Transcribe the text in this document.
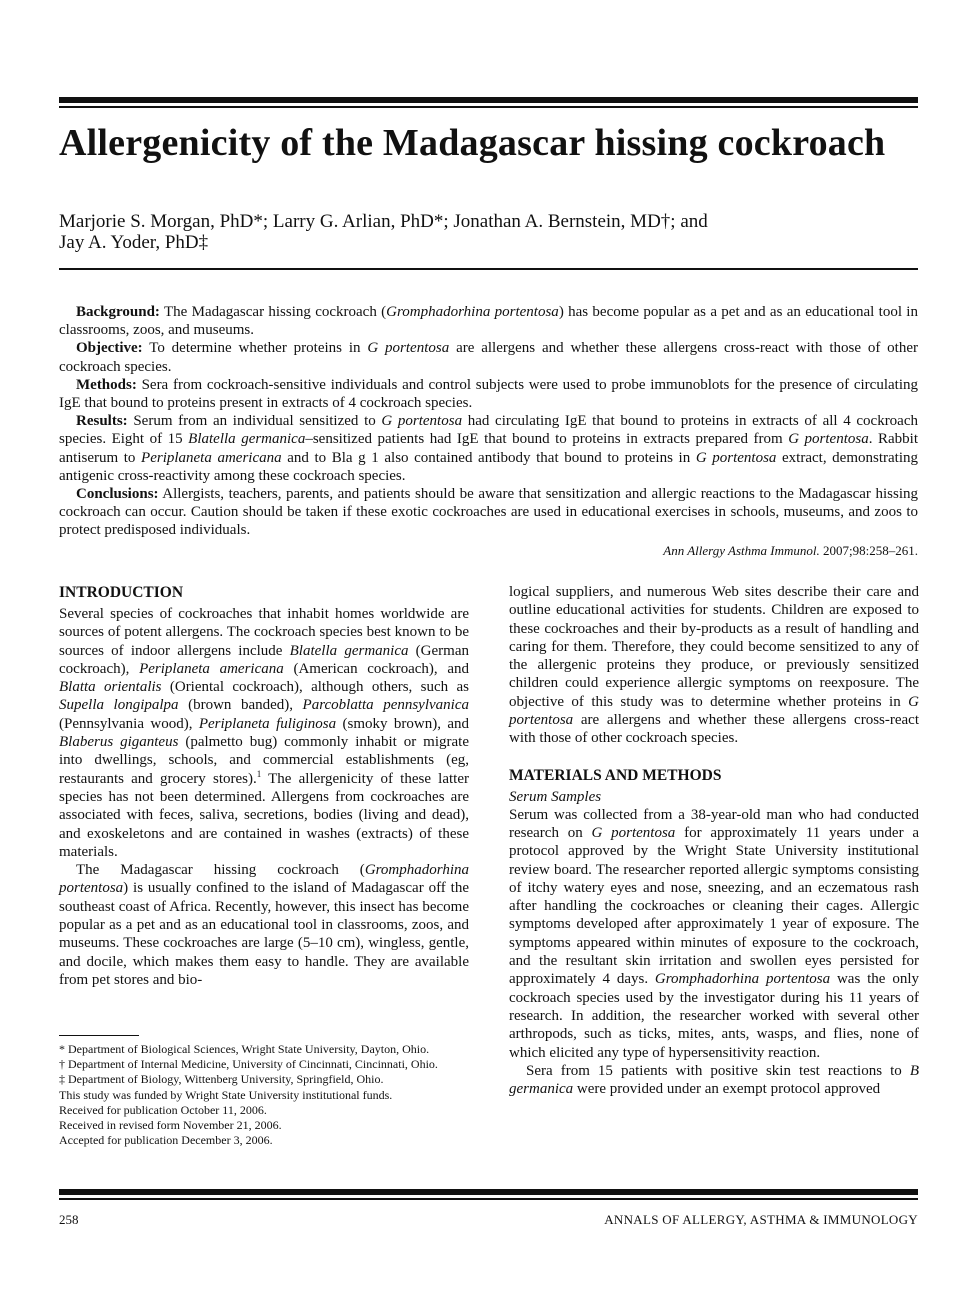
Allergenicity of the Madagascar hissing cockroach
Marjorie S. Morgan, PhD*; Larry G. Arlian, PhD*; Jonathan A. Bernstein, MD†; and
Jay A. Yoder, PhD‡

Background: The Madagascar hissing cockroach (Gromphadorhina portentosa) has become popular as a pet and as an educational tool in classrooms, zoos, and museums.

Objective: To determine whether proteins in G portentosa are allergens and whether these allergens cross-react with those of other cockroach species.

Methods: Sera from cockroach-sensitive individuals and control subjects were used to probe immunoblots for the presence of circulating IgE that bound to proteins present in extracts of 4 cockroach species.

Results: Serum from an individual sensitized to G portentosa had circulating IgE that bound to proteins in extracts of all 4 cockroach species. Eight of 15 Blatella germanica–sensitized patients had IgE that bound to proteins in extracts prepared from G portentosa. Rabbit antiserum to Periplaneta americana and to Bla g 1 also contained antibody that bound to proteins in G portentosa extract, demonstrating antigenic cross-reactivity among these cockroach species.

Conclusions: Allergists, teachers, parents, and patients should be aware that sensitization and allergic reactions to the Madagascar hissing cockroach can occur. Caution should be taken if these exotic cockroaches are used in educational exercises in schools, museums, and zoos to protect predisposed individuals.

Ann Allergy Asthma Immunol. 2007;98:258–261.
INTRODUCTION

Several species of cockroaches that inhabit homes worldwide are sources of potent allergens. The cockroach species best known to be sources of indoor allergens include Blatella germanica (German cockroach), Periplaneta americana (American cockroach), and Blatta orientalis (Oriental cockroach), although others, such as Supella longipalpa (brown banded), Parcoblatta pennsylvanica (Pennsylvania wood), Periplaneta fuliginosa (smoky brown), and Blaberus giganteus (palmetto bug) commonly inhabit or migrate into dwellings, schools, and commercial establishments (eg, restaurants and grocery stores).$^1$ The allergenicity of these latter species has not been determined. Allergens from cockroaches are associated with feces, saliva, secretions, bodies (living and dead), and exoskeletons and are contained in washes (extracts) of these materials.

The Madagascar hissing cockroach (Gromphadorhina portentosa) is usually confined to the island of Madagascar off the southeast coast of Africa. Recently, however, this insect has become popular as a pet and as an educational tool in classrooms, zoos, and museums. These cockroaches are large (5–10 cm), wingless, gentle, and docile, which makes them easy to handle. They are available from pet stores and bio-

* Department of Biological Sciences, Wright State University, Dayton, Ohio.
† Department of Internal Medicine, University of Cincinnati, Cincinnati, Ohio.
‡ Department of Biology, Wittenberg University, Springfield, Ohio.
This study was funded by Wright State University institutional funds.
Received for publication October 11, 2006.
Received in revised form November 21, 2006.
Accepted for publication December 3, 2006.

logical suppliers, and numerous Web sites describe their care and outline educational activities for students. Children are exposed to these cockroaches and their by-products as a result of handling and caring for them. Therefore, they could become sensitized to any of the allergenic proteins they produce, or previously sensitized children could experience allergic symptoms on reexposure. The objective of this study was to determine whether proteins in G portentosa are allergens and whether these allergens cross-react with those of other cockroach species.

MATERIALS AND METHODS
Serum Samples

Serum was collected from a 38-year-old man who had conducted research on G portentosa for approximately 11 years under a protocol approved by the Wright State University institutional review board. The researcher reported allergic symptoms consisting of itchy watery eyes and nose, sneezing, and an eczematous rash after handling the cockroaches or cleaning their cages. Allergic symptoms developed after approximately 1 year of exposure. The symptoms appeared within minutes of exposure to the cockroach, and the resultant skin irritation and swollen eyes persisted for approximately 4 days. Gromphadorhina portentosa was the only cockroach species used by the investigator during his 11 years of research. In addition, the researcher worked with several other arthropods, such as ticks, mites, ants, wasps, and flies, none of which elicited any type of hypersensitivity reaction.

Sera from 15 patients with positive skin test reactions to B germanica were provided under an exempt protocol approved

258	ANNALS OF ALLERGY, ASTHMA & IMMUNOLOGY
